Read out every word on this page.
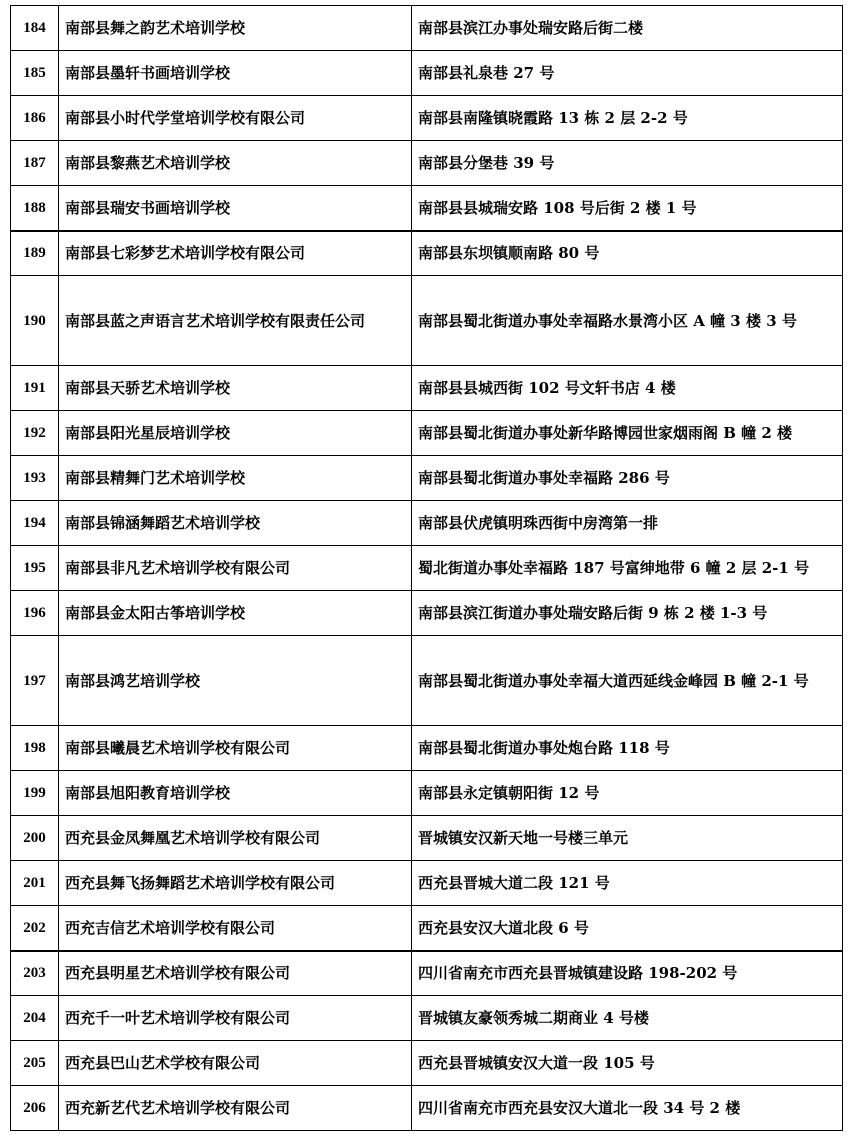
184	南部县舞之韵艺术培训学校	南部县滨江办事处瑞安路后街二楼
185	南部县墨轩书画培训学校	南部县礼泉巷 27 号
186	南部县小时代学堂培训学校有限公司	南部县南隆镇晓霞路 13 栋 2 层 2-2 号
187	南部县黎燕艺术培训学校	南部县分堡巷 39 号
188	南部县瑞安书画培训学校	南部县县城瑞安路 108 号后街 2 楼 1 号
189	南部县七彩梦艺术培训学校有限公司	南部县东坝镇顺南路 80 号
190	南部县蓝之声语言艺术培训学校有限责任公司	南部县蜀北街道办事处幸福路水景湾小区 A 幢 3 楼 3 号
191	南部县天骄艺术培训学校	南部县县城西街 102 号文轩书店 4 楼
192	南部县阳光星辰培训学校	南部县蜀北街道办事处新华路博园世家烟雨阁 B 幢 2 楼
193	南部县精舞门艺术培训学校	南部县蜀北街道办事处幸福路 286 号
194	南部县锦涵舞蹈艺术培训学校	南部县伏虎镇明珠西街中房湾第一排
195	南部县非凡艺术培训学校有限公司	蜀北街道办事处幸福路 187 号富绅地带 6 幢 2 层 2-1 号
196	南部县金太阳古筝培训学校	南部县滨江街道办事处瑞安路后街 9 栋 2 楼 1-3 号
197	南部县鸿艺培训学校	南部县蜀北街道办事处幸福大道西延线金峰园 B 幢 2-1 号
198	南部县曦晨艺术培训学校有限公司	南部县蜀北街道办事处炮台路 118 号
199	南部县旭阳教育培训学校	南部县永定镇朝阳街 12 号
200	西充县金凤舞凰艺术培训学校有限公司	晋城镇安汉新天地一号楼三单元
201	西充县舞飞扬舞蹈艺术培训学校有限公司	西充县晋城大道二段 121 号
202	西充吉信艺术培训学校有限公司	西充县安汉大道北段 6 号
203	西充县明星艺术培训学校有限公司	四川省南充市西充县晋城镇建设路 198-202 号
204	西充千一叶艺术培训学校有限公司	晋城镇友豪领秀城二期商业 4 号楼
205	西充县巴山艺术学校有限公司	西充县晋城镇安汉大道一段 105 号
206	西充新艺代艺术培训学校有限公司	四川省南充市西充县安汉大道北一段 34 号 2 楼
